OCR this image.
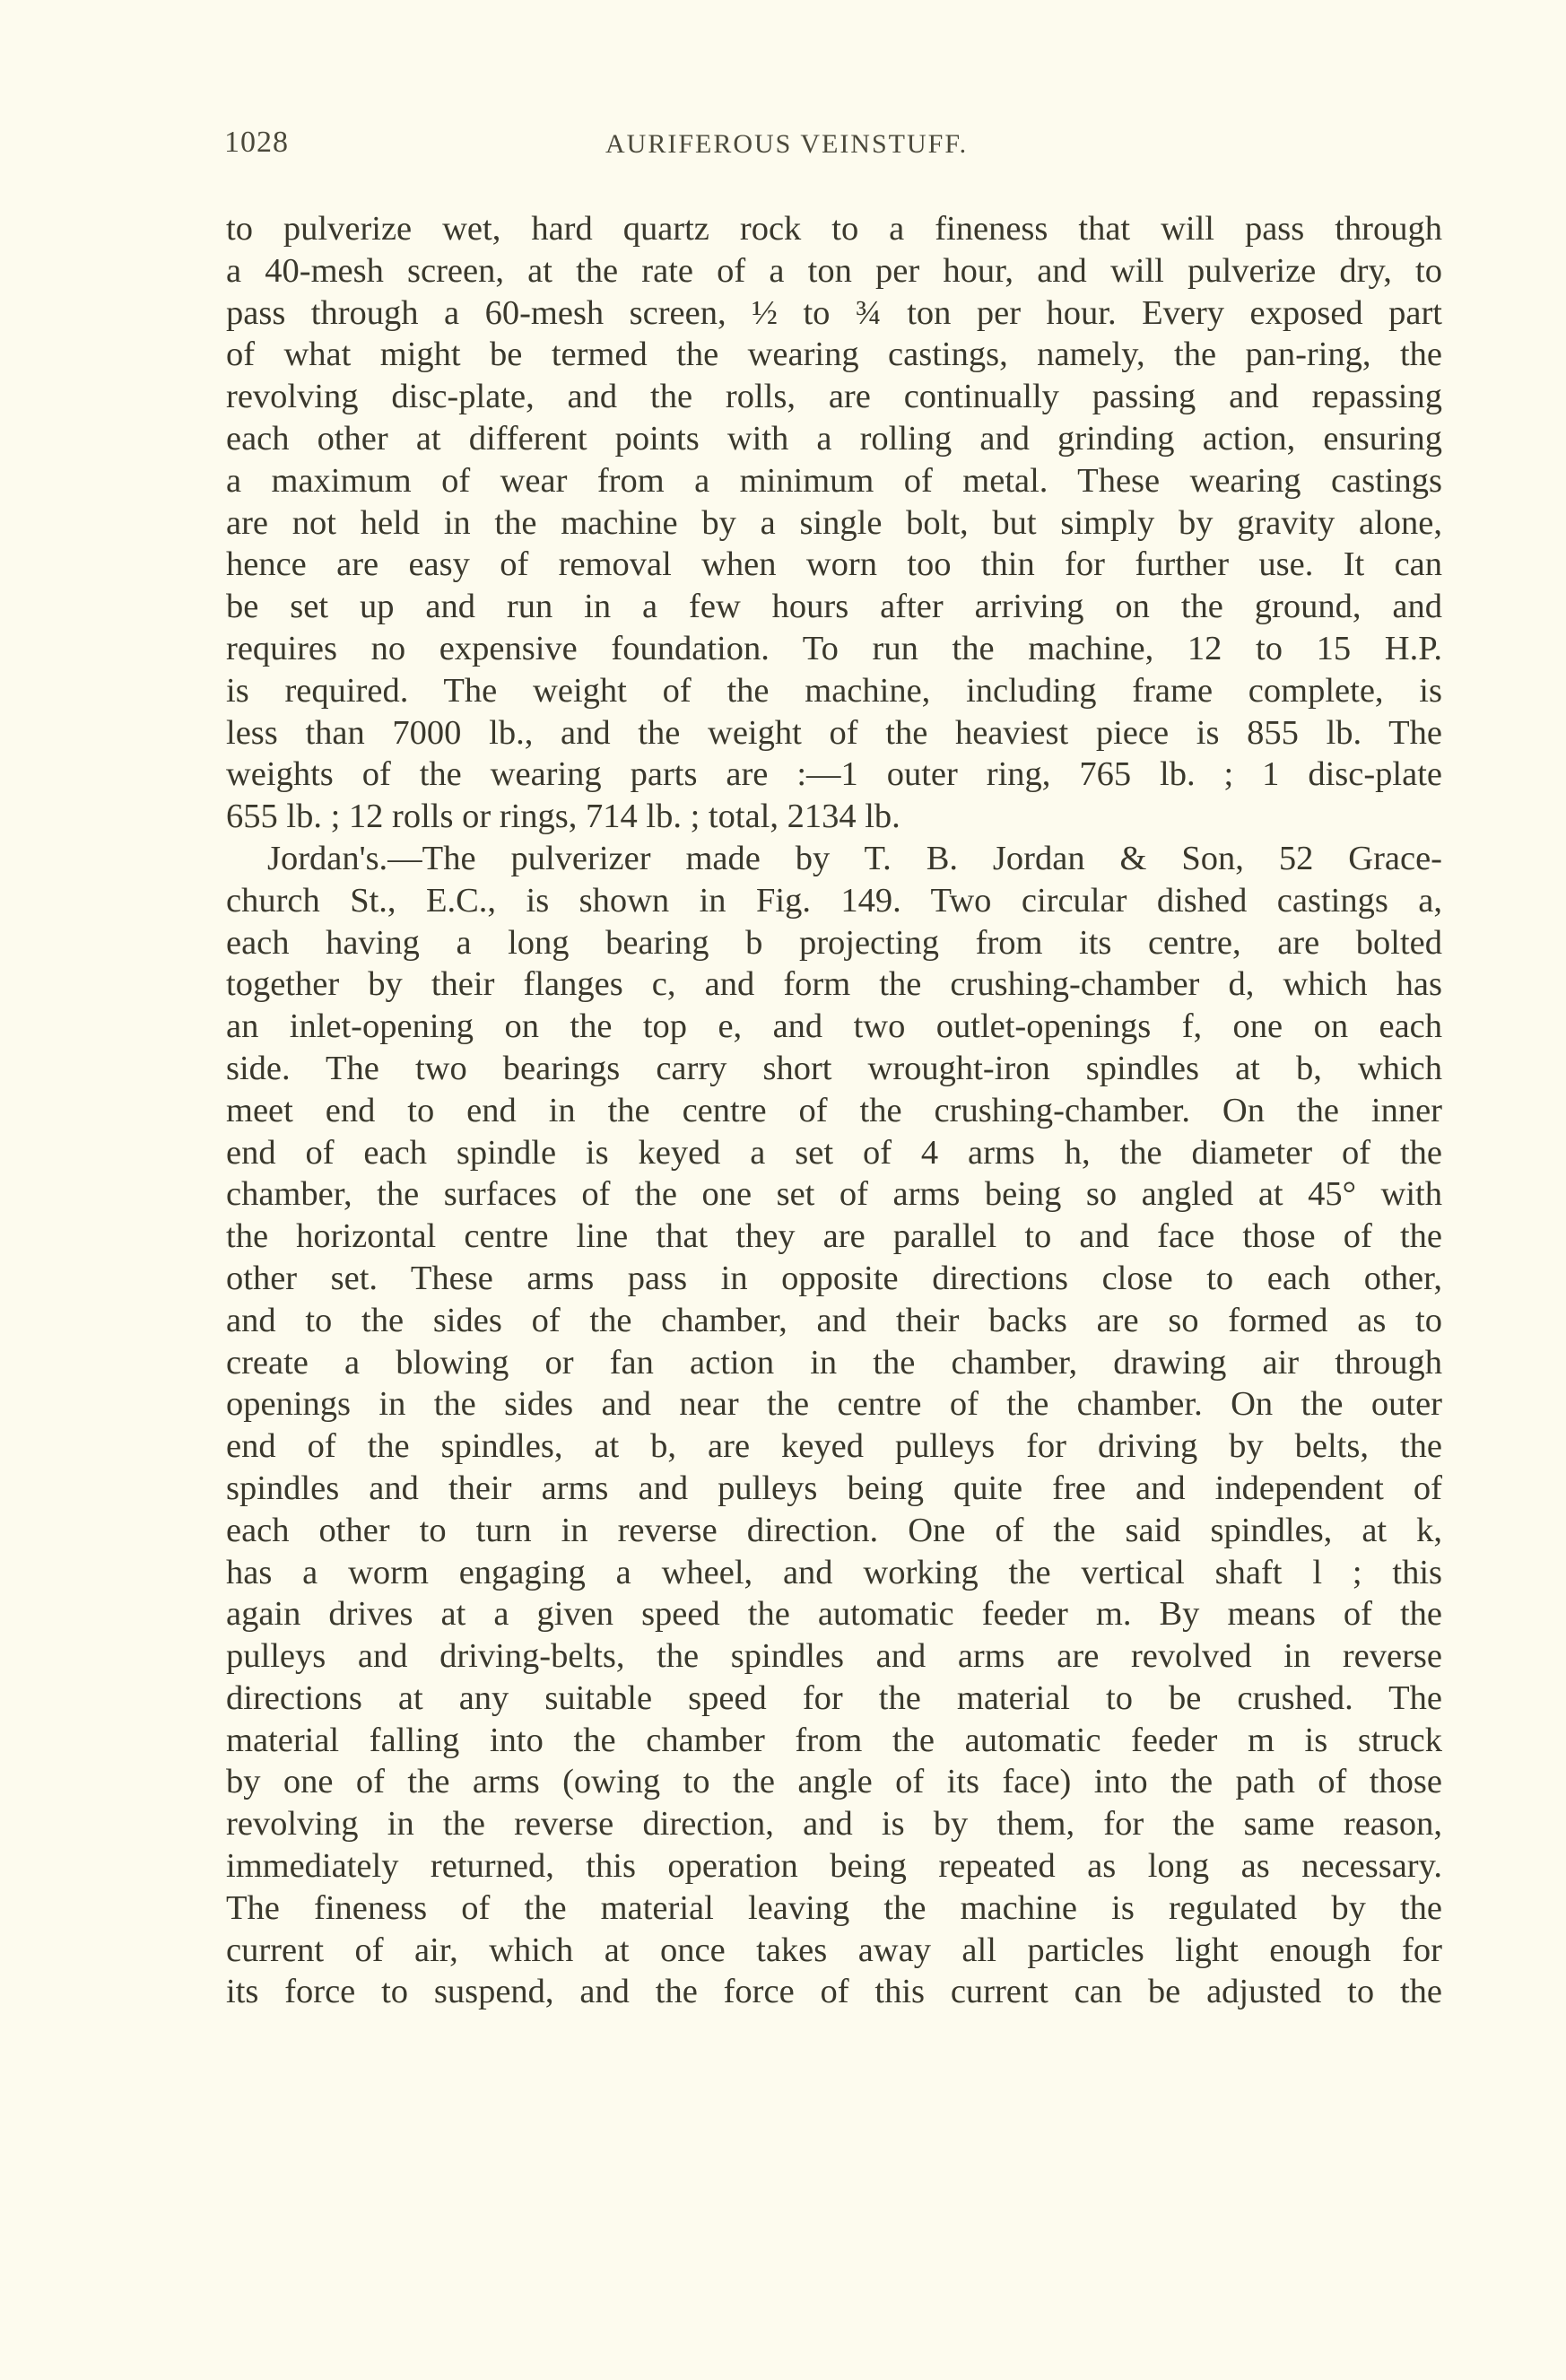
1028	AURIFEROUS VEINSTUFF.
to pulverize wet, hard quartz rock to a fineness that will pass through
a 40-mesh screen, at the rate of a ton per hour, and will pulverize dry, to
pass through a 60-mesh screen, ½ to ¾ ton per hour. Every exposed part
of what might be termed the wearing castings, namely, the pan-ring, the
revolving disc-plate, and the rolls, are continually passing and repassing
each other at different points with a rolling and grinding action, ensuring
a maximum of wear from a minimum of metal. These wearing castings
are not held in the machine by a single bolt, but simply by gravity alone,
hence are easy of removal when worn too thin for further use. It can
be set up and run in a few hours after arriving on the ground, and
requires no expensive foundation. To run the machine, 12 to 15 H.P.
is required. The weight of the machine, including frame complete, is
less than 7000 lb., and the weight of the heaviest piece is 855 lb. The
weights of the wearing parts are :—1 outer ring, 765 lb. ; 1 disc-plate
655 lb. ; 12 rolls or rings, 714 lb. ; total, 2134 lb.
Jordan's.—The pulverizer made by T. B. Jordan & Son, 52 Grace-
church St., E.C., is shown in Fig. 149. Two circular dished castings a,
each having a long bearing b projecting from its centre, are bolted
together by their flanges c, and form the crushing-chamber d, which has
an inlet-opening on the top e, and two outlet-openings f, one on each
side. The two bearings carry short wrought-iron spindles at b, which
meet end to end in the centre of the crushing-chamber. On the inner
end of each spindle is keyed a set of 4 arms h, the diameter of the
chamber, the surfaces of the one set of arms being so angled at 45° with
the horizontal centre line that they are parallel to and face those of the
other set. These arms pass in opposite directions close to each other,
and to the sides of the chamber, and their backs are so formed as to
create a blowing or fan action in the chamber, drawing air through
openings in the sides and near the centre of the chamber. On the outer
end of the spindles, at b, are keyed pulleys for driving by belts, the
spindles and their arms and pulleys being quite free and independent of
each other to turn in reverse direction. One of the said spindles, at k,
has a worm engaging a wheel, and working the vertical shaft l ; this
again drives at a given speed the automatic feeder m. By means of the
pulleys and driving-belts, the spindles and arms are revolved in reverse
directions at any suitable speed for the material to be crushed. The
material falling into the chamber from the automatic feeder m is struck
by one of the arms (owing to the angle of its face) into the path of those
revolving in the reverse direction, and is by them, for the same reason,
immediately returned, this operation being repeated as long as necessary.
The fineness of the material leaving the machine is regulated by the
current of air, which at once takes away all particles light enough for
its force to suspend, and the force of this current can be adjusted to the
